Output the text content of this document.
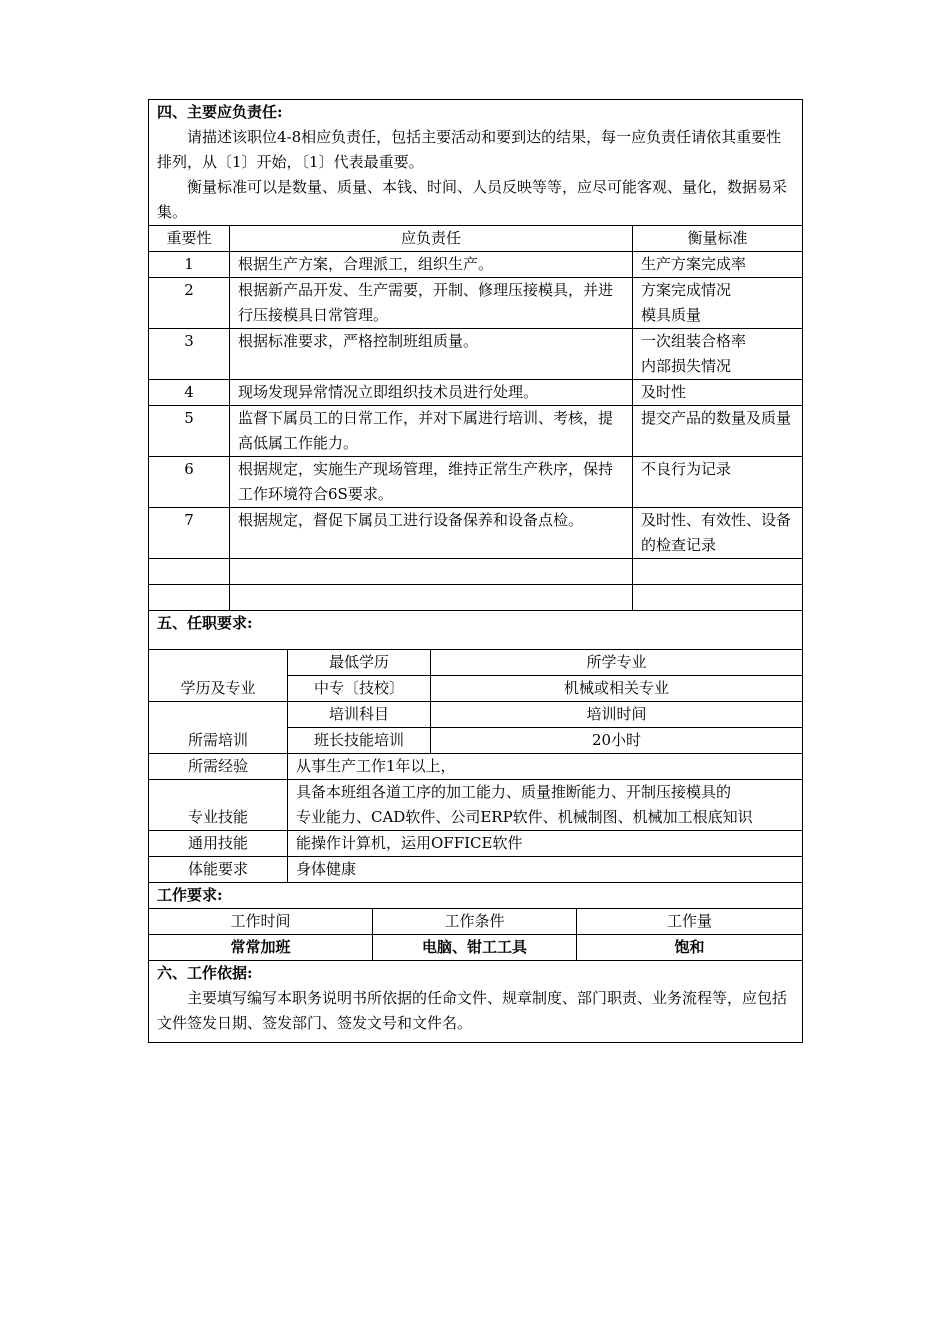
四、主要应负责任:
请描述该职位4-8相应负责任，包括主要活动和要到达的结果，每一应负责任请依其重要性排列，从〔1〕开始，〔1〕代表最重要。
衡量标准可以是数量、质量、本钱、时间、人员反映等等，应尽可能客观、量化，数据易采集。		

重要性	应负责任	衡量标准
1	根据生产方案，合理派工，组织生产。	生产方案完成率
2	根据新产品开发、生产需要，开制、修理压接模具，并进行压接模具日常管理。	方案完成情况
模具质量
3	根据标准要求，严格控制班组质量。	一次组装合格率
内部损失情况
4	现场发现异常情况立即组织技术员进行处理。	及时性
5	监督下属员工的日常工作，并对下属进行培训、考核，提高低属工作能力。	提交产品的数量及质量
6	根据规定，实施生产现场管理，维持正常生产秩序，保持工作环境符合6S要求。	不良行为记录
7	根据规定，督促下属员工进行设备保养和设备点检。	及时性、有效性、设备的检查记录

五、任职要求:		

学历及专业	最低学历	所学专业
	中专〔技校〕	机械或相关专业
所需培训	培训科目	培训时间
	班长技能培训	20小时
所需经验	从事生产工作1年以上，	
专业技能	具备本班组各道工序的加工能力、质量推断能力、开制压接模具的
专业能力、CAD软件、公司ERP软件、机械制图、机械加工根底知识	

通用技能	能操作计算机，运用OFFICE软件	
体能要求	身体健康	
工作要求:		

工作时间	工作条件	工作量
常常加班	电脑、钳工工具	饱和

六、工作依据:
主要填写编写本职务说明书所依据的任命文件、规章制度、部门职责、业务流程等，应包括文件签发日期、签发部门、签发文号和文件名。		
